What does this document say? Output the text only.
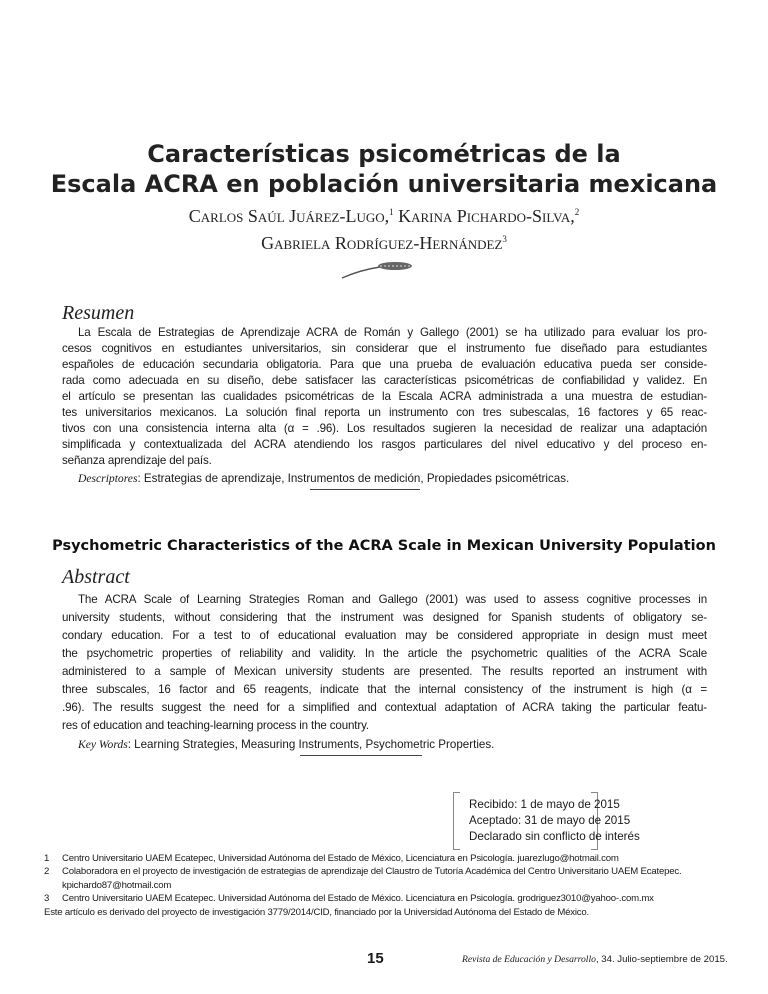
Características psicométricas de la
Escala ACRA en población universitaria mexicana
Carlos Saúl Juárez-Lugo,$^1$ Karina Pichardo-Silva,$^2$
Gabriela Rodríguez-Hernández$^3$
Resumen
La Escala de Estrategias de Aprendizaje ACRA de Román y Gallego (2001) se ha utilizado para evaluar los pro-
cesos cognitivos en estudiantes universitarios, sin considerar que el instrumento fue diseñado para estudiantes
españoles de educación secundaria obligatoria. Para que una prueba de evaluación educativa pueda ser conside-
rada como adecuada en su diseño, debe satisfacer las características psicométricas de confiabilidad y validez. En
el artículo se presentan las cualidades psicométricas de la Escala ACRA administrada a una muestra de estudian-
tes universitarios mexicanos. La solución final reporta un instrumento con tres subescalas, 16 factores y 65 reac-
tivos con una consistencia interna alta (α = .96). Los resultados sugieren la necesidad de realizar una adaptación
simplificada y contextualizada del ACRA atendiendo los rasgos particulares del nivel educativo y del proceso en-
señanza aprendizaje del país.
Descriptores: Estrategias de aprendizaje, Instrumentos de medición, Propiedades psicométricas.
Psychometric Characteristics of the ACRA Scale in Mexican University Population
Abstract
The ACRA Scale of Learning Strategies Roman and Gallego (2001) was used to assess cognitive processes in
university students, without considering that the instrument was designed for Spanish students of obligatory se-
condary education. For a test to of educational evaluation may be considered appropriate in design must meet
the psychometric properties of reliability and validity. In the article the psychometric qualities of the ACRA Scale
administered to a sample of Mexican university students are presented. The results reported an instrument with
three subscales, 16 factor and 65 reagents, indicate that the internal consistency of the instrument is high (α =
.96). The results suggest the need for a simplified and contextual adaptation of ACRA taking the particular featu-
res of education and teaching-learning process in the country.
Key Words: Learning Strategies, Measuring Instruments, Psychometric Properties.
Recibido: 1 de mayo de 2015
Aceptado: 31 de mayo de 2015
Declarado sin conflicto de interés
1	Centro Universitario UAEM Ecatepec, Universidad Autónoma del Estado de México, Licenciatura en Psicología. juarezlugo@hotmail.com
2	Colaboradora en el proyecto de investigación de estrategias de aprendizaje del Claustro de Tutoría Académica del Centro Universitario UAEM Ecatepec. kpichardo87@hotmail.com
3	Centro Universitario UAEM Ecatepec. Universidad Autónoma del Estado de México. Licenciatura en Psicología. grodriguez3010@yahoo-.com.mx
Este artículo es derivado del proyecto de investigación 3779/2014/CID, financiado por la Universidad Autónoma del Estado de México.
15	Revista de Educación y Desarrollo, 34. Julio-septiembre de 2015.
